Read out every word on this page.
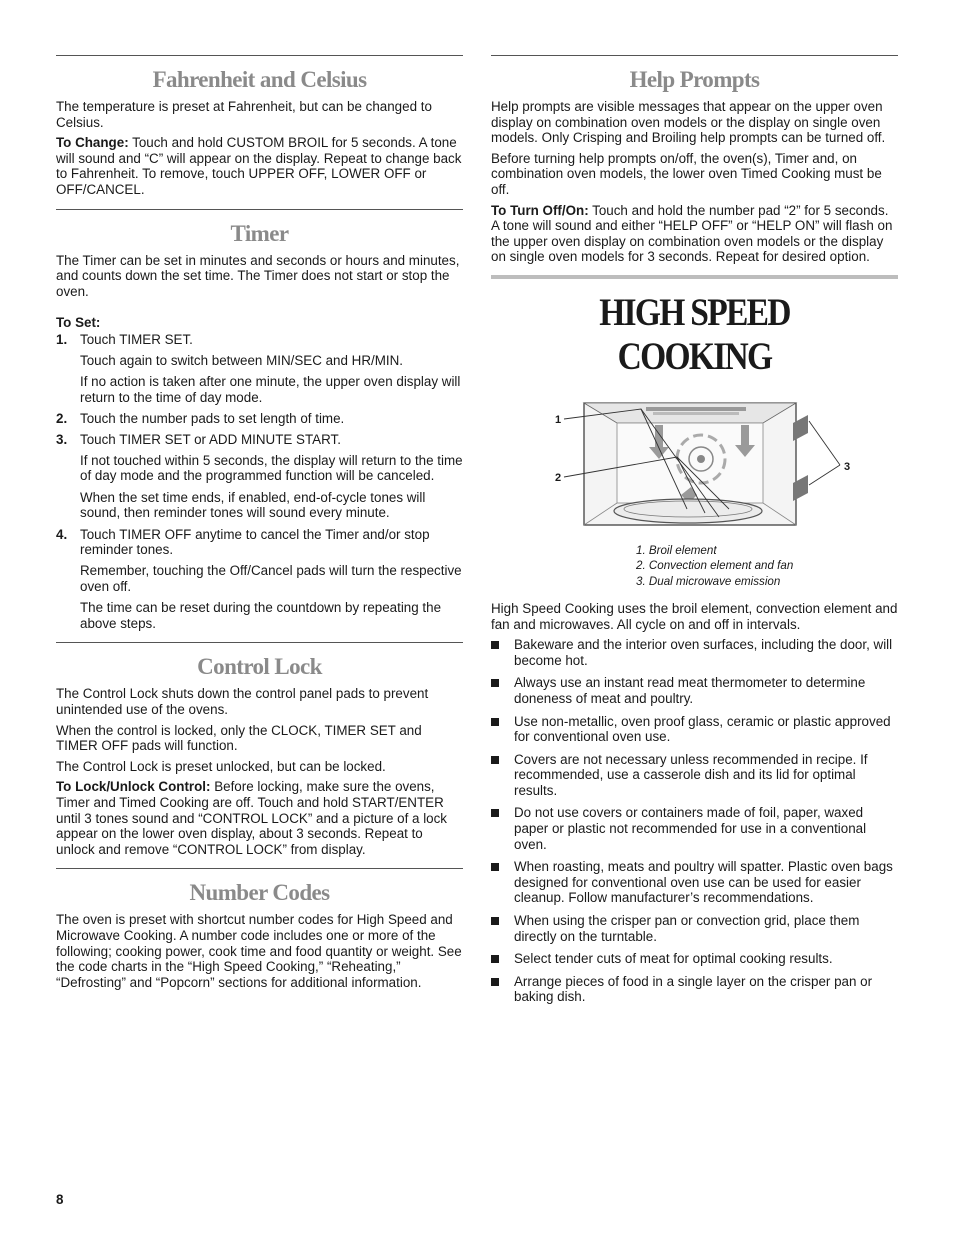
Fahrenheit and Celsius

The temperature is preset at Fahrenheit, but can be changed to Celsius.

To Change: Touch and hold CUSTOM BROIL for 5 seconds. A tone will sound and “C” will appear on the display. Repeat to change back to Fahrenheit. To remove, touch UPPER OFF, LOWER OFF or OFF/CANCEL.

Timer

The Timer can be set in minutes and seconds or hours and minutes, and counts down the set time. The Timer does not start or stop the oven.

To Set:

1. Touch TIMER SET.

Touch again to switch between MIN/SEC and HR/MIN.

If no action is taken after one minute, the upper oven display will return to the time of day mode.

2. Touch the number pads to set length of time.
3. Touch TIMER SET or ADD MINUTE START.

If not touched within 5 seconds, the display will return to the time of day mode and the programmed function will be canceled.

When the set time ends, if enabled, end-of-cycle tones will sound, then reminder tones will sound every minute.

4. Touch TIMER OFF anytime to cancel the Timer and/or stop reminder tones.

Remember, touching the Off/Cancel pads will turn the respective oven off.

The time can be reset during the countdown by repeating the above steps.

Control Lock

The Control Lock shuts down the control panel pads to prevent unintended use of the ovens.

When the control is locked, only the CLOCK, TIMER SET and TIMER OFF pads will function.

The Control Lock is preset unlocked, but can be locked.

To Lock/Unlock Control: Before locking, make sure the ovens, Timer and Timed Cooking are off. Touch and hold START/ENTER until 3 tones sound and “CONTROL LOCK” and a picture of a lock appear on the lower oven display, about 3 seconds. Repeat to unlock and remove “CONTROL LOCK” from display.

Number Codes

The oven is preset with shortcut number codes for High Speed and Microwave Cooking. A number code includes one or more of the following; cooking power, cook time and food quantity or weight. See the code charts in the “High Speed Cooking,” “Reheating,” “Defrosting” and “Popcorn” sections for additional information.

Help Prompts

Help prompts are visible messages that appear on the upper oven display on combination oven models or the display on single oven models. Only Crisping and Broiling help prompts can be turned off.

Before turning help prompts on/off, the oven(s), Timer and, on combination oven models, the lower oven Timed Cooking must be off.

To Turn Off/On: Touch and hold the number pad “2” for 5 seconds. A tone will sound and either “HELP OFF” or “HELP ON” will flash on the upper oven display on combination oven models or the display on single oven models for 3 seconds. Repeat for desired option.

HIGH SPEED COOKING
1
2
3
1. Broil element
2. Convection element and fan
3. Dual microwave emission

High Speed Cooking uses the broil element, convection element and fan and microwaves. All cycle on and off in intervals.

Bakeware and the interior oven surfaces, including the door, will become hot.
Always use an instant read meat thermometer to determine doneness of meat and poultry.
Use non-metallic, oven proof glass, ceramic or plastic approved for conventional oven use.
Covers are not necessary unless recommended in recipe. If recommended, use a casserole dish and its lid for optimal results.
Do not use covers or containers made of foil, paper, waxed paper or plastic not recommended for use in a conventional oven.
When roasting, meats and poultry will spatter. Plastic oven bags designed for conventional oven use can be used for easier cleanup. Follow manufacturer’s recommendations.
When using the crisper pan or convection grid, place them directly on the turntable.
Select tender cuts of meat for optimal cooking results.
Arrange pieces of food in a single layer on the crisper pan or baking dish.
8
